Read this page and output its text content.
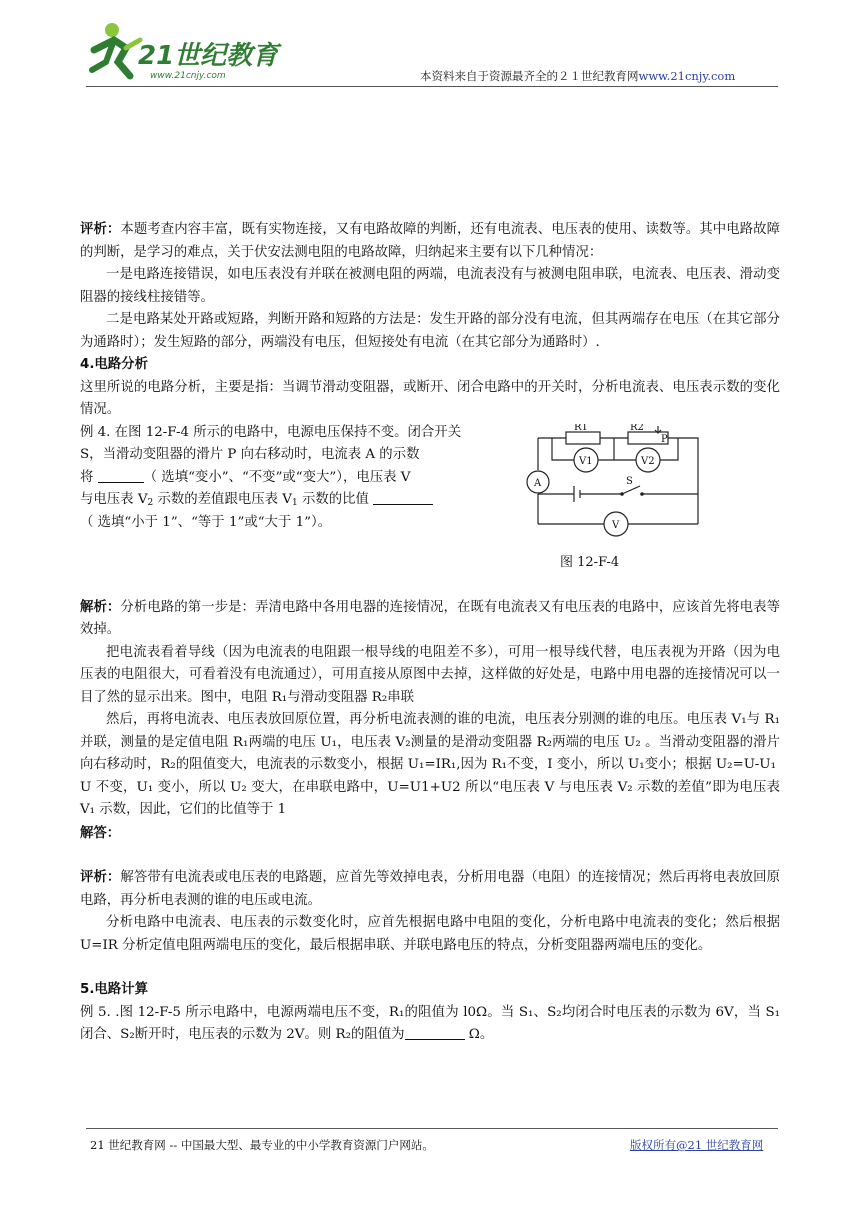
21世纪教育
www.21cnjy.com	本资料来自于资源最齐全的２１世纪教育网www.21cnjy.com

评析：本题考查内容丰富，既有实物连接，又有电路故障的判断，还有电流表、电压表的使用、读数等。其中电路故障的判断，是学习的难点，关于伏安法测电阻的电路故障，归纳起来主要有以下几种情况：

一是电路连接错误，如电压表没有并联在被测电阻的两端，电流表没有与被测电阻串联，电流表、电压表、滑动变阻器的接线柱接错等。

二是电路某处开路或短路，判断开路和短路的方法是：发生开路的部分没有电流，但其两端存在电压（在其它部分为通路时）；发生短路的部分，两端没有电压，但短接处有电流（在其它部分为通路时）.

4.电路分析

这里所说的电路分析，主要是指：当调节滑动变阻器，或断开、闭合电路中的开关时，分析电流表、电压表示数的变化情况。

例 4. 在图 12-F-4 所示的电路中，电源电压保持不变。闭合开关
S，当滑动变阻器的滑片 P 向右移动时，电流表 A 的示数
将	（ 选填“变小”、“不变”或“变大”），电压表 V
与电压表 $V_2$ 示数的差值跟电压表 $V_1$ 示数的比值
（ 选填“小于 1”、“等于 1”或“大于 1”）。
R1	R2
P
V1	V2
A	S
V
图 12-F-4

解析：分析电路的第一步是：弄清电路中各用电器的连接情况，在既有电流表又有电压表的电路中，应该首先将电表等效掉。

把电流表看着导线（因为电流表的电阻跟一根导线的电阻差不多），可用一根导线代替，电压表视为开路（因为电压表的电阻很大，可看着没有电流通过），可用直接从原图中去掉，这样做的好处是，电路中用电器的连接情况可以一目了然的显示出来。图中，电阻 R₁与滑动变阻器 R₂串联

然后，再将电流表、电压表放回原位置，再分析电流表测的谁的电流，电压表分别测的谁的电压。电压表 V₁与 R₁并联，测量的是定值电阻 R₁两端的电压 U₁，电压表 V₂测量的是滑动变阻器 R₂两端的电压 U₂ 。当滑动变阻器的滑片向右移动时，R₂的阻值变大，电流表的示数变小，根据 U₁=IR₁,因为 R₁不变，I 变小，所以 U₁变小；根据 U₂=U-U₁

U 不变，U₁ 变小，所以 U₂ 变大，在串联电路中，U=U1+U2 所以“电压表 V 与电压表 V₂ 示数的差值”即为电压表 V₁ 示数，因此，它们的比值等于 1

解答：

评析：解答带有电流表或电压表的电路题，应首先等效掉电表，分析用电器（电阻）的连接情况；然后再将电表放回原电路，再分析电表测的谁的电压或电流。

分析电路中电流表、电压表的示数变化时，应首先根据电路中电阻的变化，分析电路中电流表的变化；然后根据 U=IR 分析定值电阻两端电压的变化，最后根据串联、并联电路电压的特点，分析变阻器两端电压的变化。

5.电路计算

例 5. .图 12-F-5 所示电路中，电源两端电压不变，R₁的阻值为 l0Ω。当 S₁、S₂均闭合时电压表的示数为 6V，当 S₁闭合、S₂断开时，电压表的示数为 2V。则 R₂的阻值为	Ω。

21 世纪教育网 -- 中国最大型、最专业的中小学教育资源门户网站。	版权所有@21 世纪教育网
